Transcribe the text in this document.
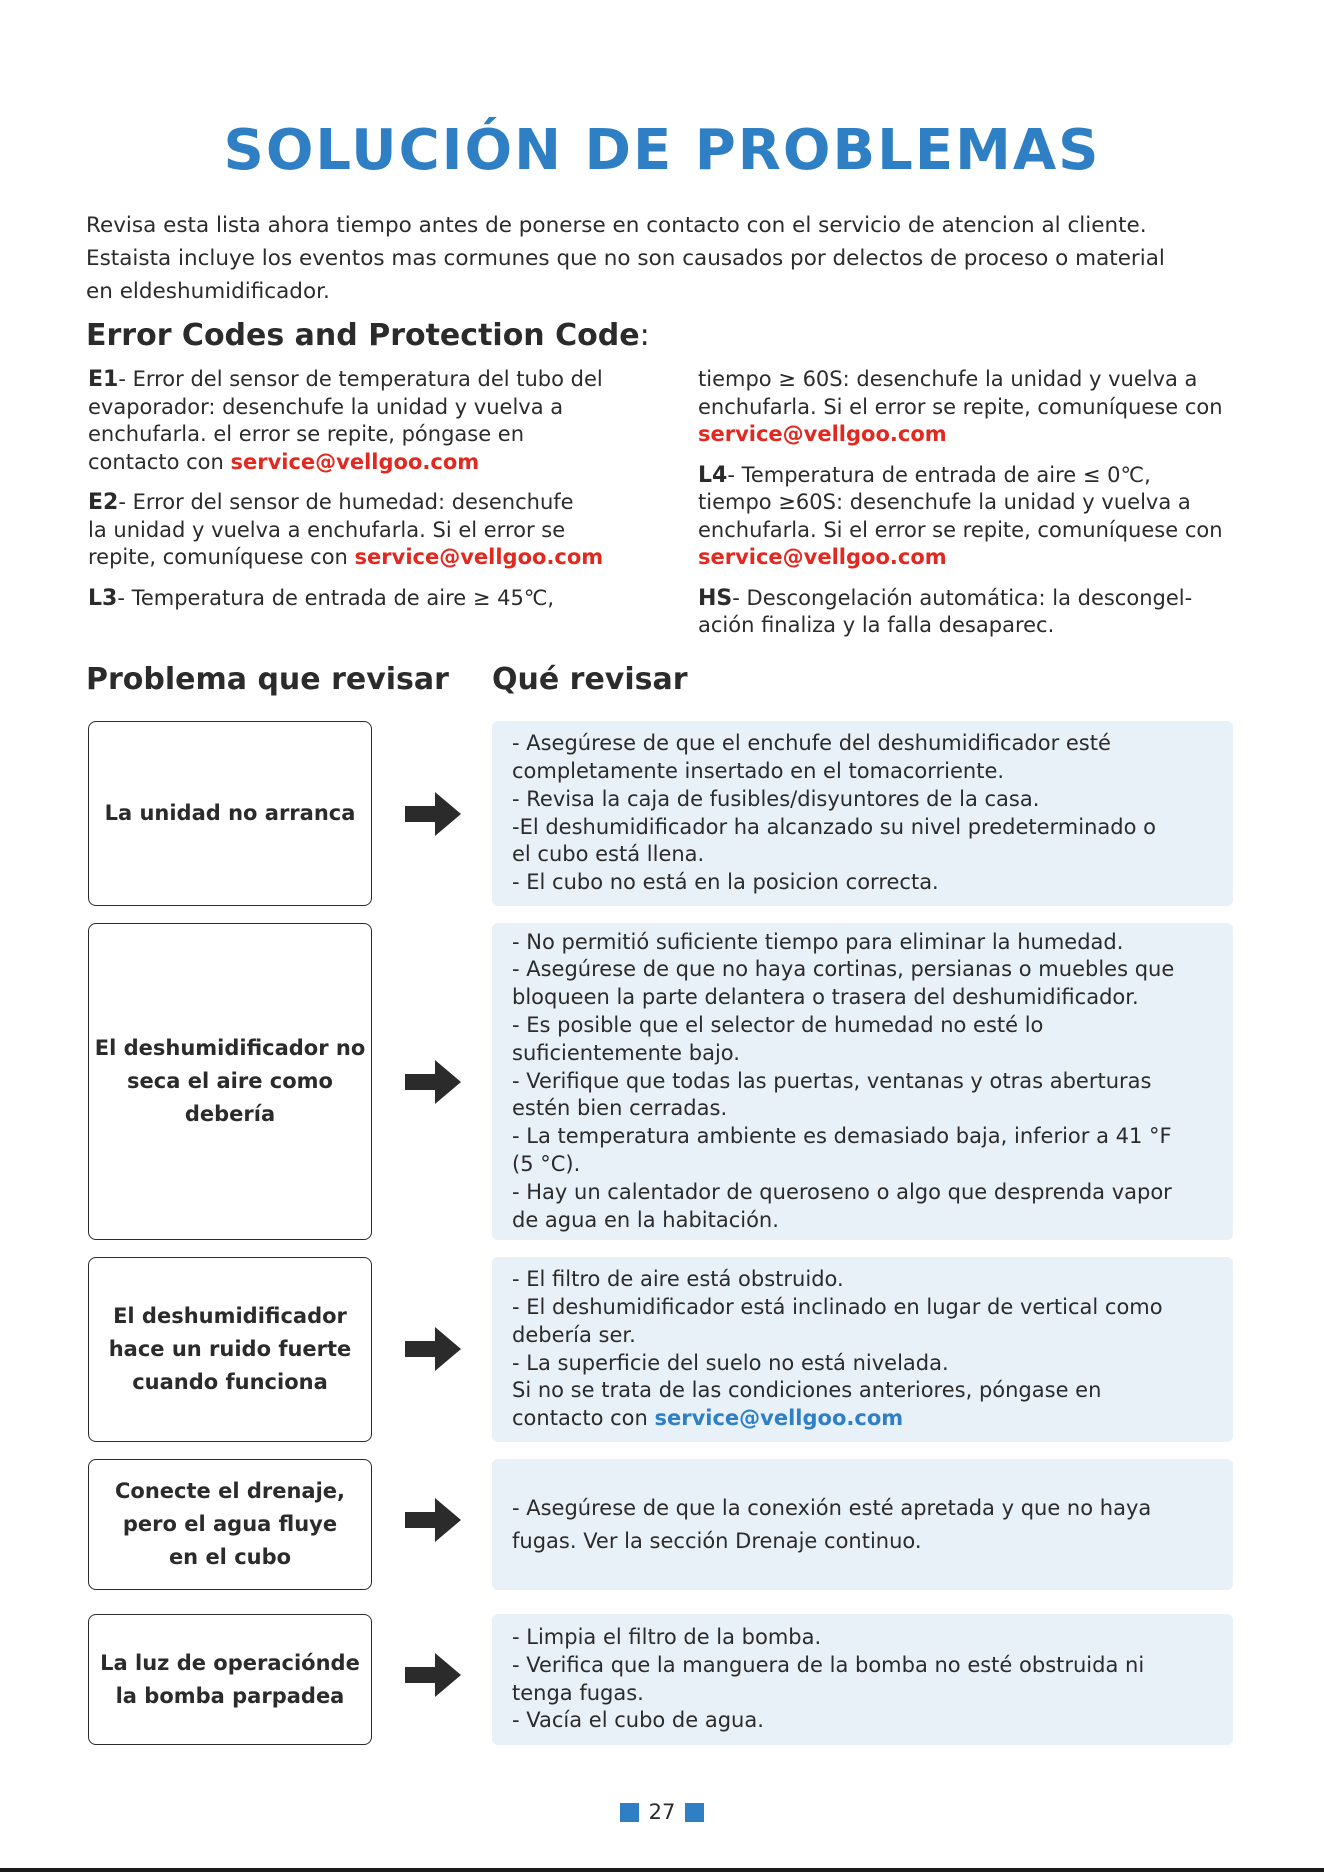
SOLUCIÓN DE PROBLEMAS
Revisa esta lista ahora tiempo antes de ponerse en contacto con el servicio de atencion al cliente.
Estaista incluye los eventos mas cormunes que no son causados por delectos de proceso o material
en eldeshumidificador.
Error Codes and Protection Code:
E1- Error del sensor de temperatura del tubo del
evaporador: desenchufe la unidad y vuelva a
enchufarla. el error se repite, póngase en
contacto con service@vellgoo.com
E2- Error del sensor de humedad: desenchufe
la unidad y vuelva a enchufarla. Si el error se
repite, comuníquese con service@vellgoo.com
L3- Temperatura de entrada de aire ≥ 45℃,
tiempo ≥ 60S: desenchufe la unidad y vuelva a
enchufarla. Si el error se repite, comuníquese con
service@vellgoo.com
L4- Temperatura de entrada de aire ≤ 0℃,
tiempo ≥60S: desenchufe la unidad y vuelva a
enchufarla. Si el error se repite, comuníquese con
service@vellgoo.com
HS- Descongelación automática: la descongel-
ación finaliza y la falla desaparec.
Problema que revisar Qué revisar
La unidad no arranca
- Asegúrese de que el enchufe del deshumidificador esté
completamente insertado en el tomacorriente.
- Revisa la caja de fusibles/disyuntores de la casa.
-El deshumidificador ha alcanzado su nivel predeterminado o
el cubo está llena.
- El cubo no está en la posicion correcta.
El deshumidificador no
seca el aire como
debería
- No permitió suficiente tiempo para eliminar la humedad.
- Asegúrese de que no haya cortinas, persianas o muebles que
bloqueen la parte delantera o trasera del deshumidificador.
- Es posible que el selector de humedad no esté lo
suficientemente bajo.
- Verifique que todas las puertas, ventanas y otras aberturas
estén bien cerradas.
- La temperatura ambiente es demasiado baja, inferior a 41 °F
(5 °C).
- Hay un calentador de queroseno o algo que desprenda vapor
de agua en la habitación.
El deshumidificador
hace un ruido fuerte
cuando funciona
- El filtro de aire está obstruido.
- El deshumidificador está inclinado en lugar de vertical como
debería ser.
- La superficie del suelo no está nivelada.
Si no se trata de las condiciones anteriores, póngase en
contacto con service@vellgoo.com
Conecte el drenaje,
pero el agua fluye
en el cubo
- Asegúrese de que la conexión esté apretada y que no haya
fugas. Ver la sección Drenaje continuo.
La luz de operaciónde
la bomba parpadea
- Limpia el filtro de la bomba.
- Verifica que la manguera de la bomba no esté obstruida ni
tenga fugas.
- Vacía el cubo de agua.
27
